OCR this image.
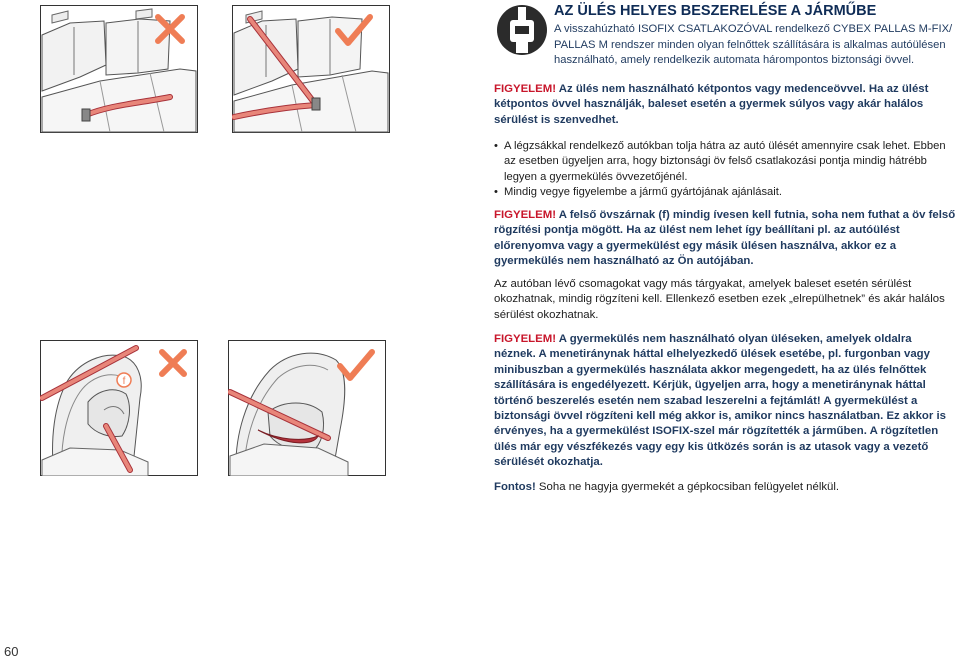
f
AZ ÜLÉS HELYES BESZERELÉSE A JÁRMŰBE
A visszahúzható ISOFIX CSATLAKOZÓVAL rendelkező CYBEX PALLAS M-FIX/ PALLAS M rendszer minden olyan felnőttek szállítására is alkalmas autóülésen használható, amely rendelkezik automata hárompontos biztonsági övvel.
FIGYELEM! Az ülés nem használható kétpontos vagy medenceövvel. Ha az ülést kétpontos övvel használják, baleset esetén a gyermek súlyos vagy akár halálos sérülést is szenvedhet.
• A légzsákkal rendelkező autókban tolja hátra az autó ülését amennyire csak lehet. Ebben az esetben ügyeljen arra, hogy biztonsági öv felső csatlakozási pontja mindig hátrébb legyen a gyermekülés övvezetőjénél.
• Mindig vegye figyelembe a jármű gyártójának ajánlásait.
FIGYELEM! A felső övszárnak (f) mindig ívesen kell futnia, soha nem futhat a öv felső rögzítési pontja mögött. Ha az ülést nem lehet így beállítani pl. az autóülést előrenyomva vagy a gyermekülést egy másik ülésen használva, akkor ez a gyermekülés nem használható az Ön autójában.
Az autóban lévő csomagokat vagy más tárgyakat, amelyek baleset esetén sérülést okozhatnak, mindig rögzíteni kell. Ellenkező esetben ezek „elrepülhetnek” és akár halálos sérülést okozhatnak.
FIGYELEM! A gyermekülés nem használható olyan üléseken, amelyek oldalra néznek. A menetiránynak háttal elhelyezkedő ülések esetébe, pl. furgonban vagy minibuszban a gyermekülés használata akkor megengedett, ha az ülés felnőttek szállítására is engedélyezett. Kérjük, ügyeljen arra, hogy a menetiránynak háttal történő beszerelés esetén nem szabad leszerelni a fejtámlát! A gyermekülést a biztonsági övvel rögzíteni kell még akkor is, amikor nincs használatban. Ez akkor is érvényes, ha a gyermekülést ISOFIX-szel már rögzítették a járműben. A rögzítetlen ülés már egy vészfékezés vagy egy kis ütközés során is az utasok vagy a vezető sérülését okozhatja.
Fontos! Soha ne hagyja gyermekét a gépkocsiban felügyelet nélkül.
60
